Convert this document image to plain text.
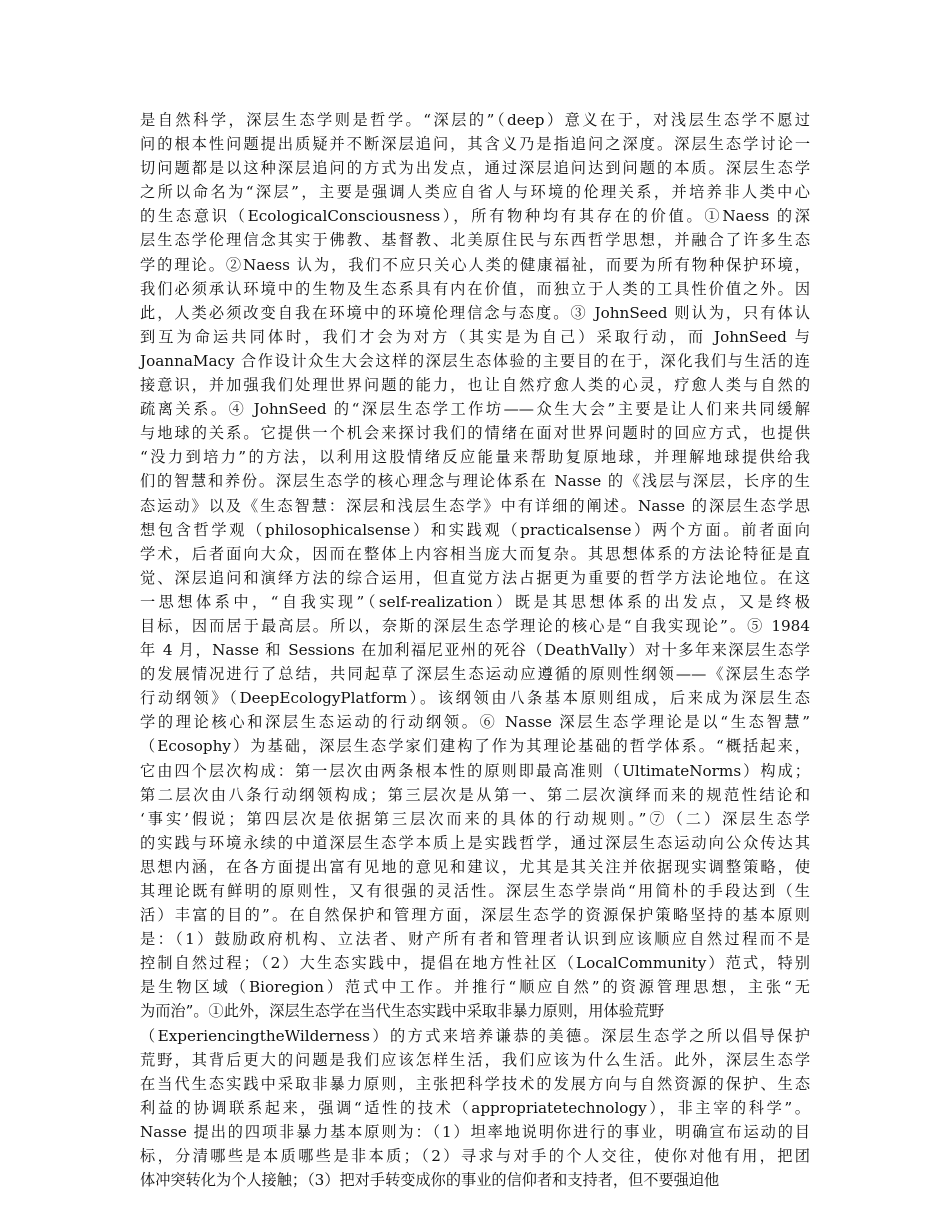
是自然科学，深层生态学则是哲学。“深层的”（deep）意义在于，对浅层生态学不愿过
问的根本性问题提出质疑并不断深层追问，其含义乃是指追问之深度。深层生态学讨论一
切问题都是以这种深层追问的方式为出发点，通过深层追问达到问题的本质。深层生态学
之所以命名为“深层”，主要是强调人类应自省人与环境的伦理关系，并培养非人类中心
的生态意识（EcologicalConsciousness），所有物种均有其存在的价值。①Naess 的深
层生态学伦理信念其实于佛教、基督教、北美原住民与东西哲学思想，并融合了许多生态
学的理论。②Naess 认为，我们不应只关心人类的健康福祉，而要为所有物种保护环境，
我们必须承认环境中的生物及生态系具有内在价值，而独立于人类的工具性价值之外。因
此，人类必须改变自我在环境中的环境伦理信念与态度。③ JohnSeed 则认为，只有体认
到互为命运共同体时，我们才会为对方（其实是为自己）采取行动，而 JohnSeed 与
JoannaMacy 合作设计众生大会这样的深层生态体验的主要目的在于，深化我们与生活的连
接意识，并加强我们处理世界问题的能力，也让自然疗愈人类的心灵，疗愈人类与自然的
疏离关系。④ JohnSeed 的“深层生态学工作坊——众生大会”主要是让人们来共同缓解
与地球的关系。它提供一个机会来探讨我们的情绪在面对世界问题时的回应方式，也提供
“没力到培力”的方法，以利用这股情绪反应能量来帮助复原地球，并理解地球提供给我
们的智慧和养份。深层生态学的核心理念与理论体系在 Nasse 的《浅层与深层，长序的生
态运动》以及《生态智慧：深层和浅层生态学》中有详细的阐述。Nasse 的深层生态学思
想包含哲学观（philosophicalsense）和实践观（practicalsense）两个方面。前者面向
学术，后者面向大众，因而在整体上内容相当庞大而复杂。其思想体系的方法论特征是直
觉、深层追问和演绎方法的综合运用，但直觉方法占据更为重要的哲学方法论地位。在这
一思想体系中，“自我实现”（self-realization）既是其思想体系的出发点，又是终极
目标，因而居于最高层。所以，奈斯的深层生态学理论的核心是“自我实现论”。⑤ 1984
年 4 月，Nasse 和 Sessions 在加利福尼亚州的死谷（DeathVally）对十多年来深层生态学
的发展情况进行了总结，共同起草了深层生态运动应遵循的原则性纲领——《深层生态学
行动纲领》（DeepEcologyPlatform）。该纲领由八条基本原则组成，后来成为深层生态
学的理论核心和深层生态运动的行动纲领。⑥ Nasse 深层生态学理论是以“生态智慧”
（Ecosophy）为基础，深层生态学家们建构了作为其理论基础的哲学体系。“概括起来，
它由四个层次构成：第一层次由两条根本性的原则即最高准则（UltimateNorms）构成；
第二层次由八条行动纲领构成；第三层次是从第一、第二层次演绎而来的规范性结论和
‘事实’假说；第四层次是依据第三层次而来的具体的行动规则。”⑦（二）深层生态学
的实践与环境永续的中道深层生态学本质上是实践哲学，通过深层生态运动向公众传达其
思想内涵，在各方面提出富有见地的意见和建议，尤其是其关注并依据现实调整策略，使
其理论既有鲜明的原则性，又有很强的灵活性。深层生态学崇尚“用简朴的手段达到（生
活）丰富的目的”。在自然保护和管理方面，深层生态学的资源保护策略坚持的基本原则
是：（1）鼓励政府机构、立法者、财产所有者和管理者认识到应该顺应自然过程而不是
控制自然过程；（2）大生态实践中，提倡在地方性社区（LocalCommunity）范式，特别
是生物区域（Bioregion）范式中工作。并推行“顺应自然”的资源管理思想，主张“无
为而治”。①此外，深层生态学在当代生态实践中采取非暴力原则，用体验荒野
（ExperiencingtheWilderness）的方式来培养谦恭的美德。深层生态学之所以倡导保护
荒野，其背后更大的问题是我们应该怎样生活，我们应该为什么生活。此外，深层生态学
在当代生态实践中采取非暴力原则，主张把科学技术的发展方向与自然资源的保护、生态
利益的协调联系起来，强调“适性的技术（appropriatetechnology），非主宰的科学”。
Nasse 提出的四项非暴力基本原则为：（1）坦率地说明你进行的事业，明确宣布运动的目
标，分清哪些是本质哪些是非本质；（2）寻求与对手的个人交往，使你对他有用，把团
体冲突转化为个人接触；（3）把对手转变成你的事业的信仰者和支持者，但不要强迫他
